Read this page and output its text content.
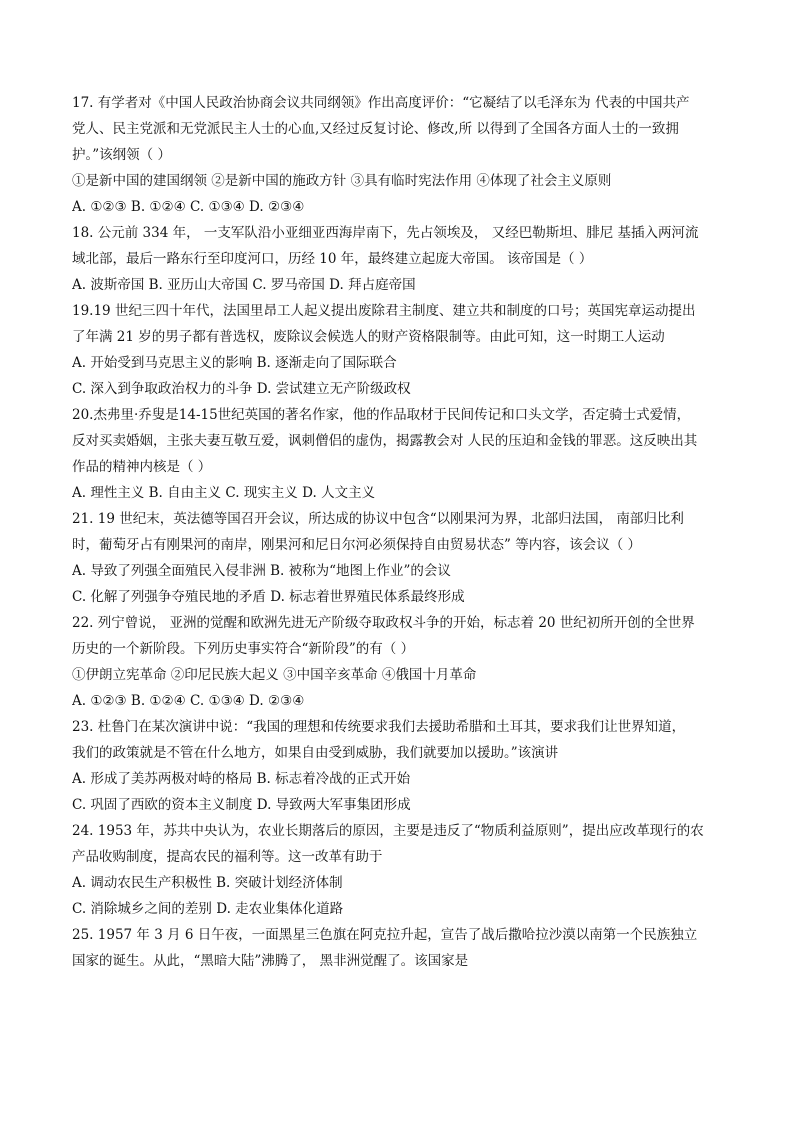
17. 有学者对《中国人民政治协商会议共同纲领》作出高度评价：“它凝结了以毛泽东为 代表的中国共产
党人、民主党派和无党派民主人士的心血,又经过反复讨论、修改,所 以得到了全国各方面人士的一致拥
护。”该纲领（ ）
①是新中国的建国纲领 ②是新中国的施政方针 ③具有临时宪法作用 ④体现了社会主义原则
A. ①②③ B. ①②④ C. ①③④ D. ②③④
18. 公元前 334 年， 一支军队沿小亚细亚西海岸南下，先占领埃及， 又经巴勒斯坦、腓尼 基插入两河流
域北部，最后一路东行至印度河口，历经 10 年，最终建立起庞大帝国。 该帝国是（ ）
A. 波斯帝国 B. 亚历山大帝国 C. 罗马帝国 D. 拜占庭帝国
19.19 世纪三四十年代，法国里昂工人起义提出废除君主制度、建立共和制度的口号；英国宪章运动提出
了年满 21 岁的男子都有普选权，废除议会候选人的财产资格限制等。由此可知，这一时期工人运动
A. 开始受到马克思主义的影响 B. 逐渐走向了国际联合
C. 深入到争取政治权力的斗争 D. 尝试建立无产阶级政权
20.杰弗里·乔叟是14-15世纪英国的著名作家，他的作品取材于民间传记和口头文学，否定骑士式爱情，
反对买卖婚姻，主张夫妻互敬互爱，讽刺僧侣的虚伪，揭露教会对 人民的压迫和金钱的罪恶。这反映出其
作品的精神内核是（ ）
A. 理性主义 B. 自由主义 C. 现实主义 D. 人文主义
21. 19 世纪末，英法德等国召开会议，所达成的协议中包含“以刚果河为界，北部归法国， 南部归比利
时，葡萄牙占有刚果河的南岸，刚果河和尼日尔河必须保持自由贸易状态” 等内容，该会议（ ）
A. 导致了列强全面殖民入侵非洲 B. 被称为“地图上作业”的会议
C. 化解了列强争夺殖民地的矛盾 D. 标志着世界殖民体系最终形成
22. 列宁曾说， 亚洲的觉醒和欧洲先进无产阶级夺取政权斗争的开始，标志着 20 世纪初所开创的全世界
历史的一个新阶段。下列历史事实符合“新阶段”的有（ ）
①伊朗立宪革命 ②印尼民族大起义 ③中国辛亥革命 ④俄国十月革命
A. ①②③ B. ①②④ C. ①③④ D. ②③④
23. 杜鲁门在某次演讲中说：“我国的理想和传统要求我们去援助希腊和土耳其，要求我们让世界知道，
我们的政策就是不管在什么地方，如果自由受到威胁，我们就要加以援助。”该演讲
A. 形成了美苏两极对峙的格局 B. 标志着冷战的正式开始
C. 巩固了西欧的资本主义制度 D. 导致两大军事集团形成
24. 1953 年，苏共中央认为，农业长期落后的原因，主要是违反了“物质利益原则”，提出应改革现行的农
产品收购制度，提高农民的福利等。这一改革有助于
A. 调动农民生产积极性 B. 突破计划经济体制
C. 消除城乡之间的差别 D. 走农业集体化道路
25. 1957 年 3 月 6 日午夜，一面黑星三色旗在阿克拉升起，宣告了战后撒哈拉沙漠以南第一个民族独立
国家的诞生。从此，“黑暗大陆”沸腾了， 黑非洲觉醒了。该国家是
